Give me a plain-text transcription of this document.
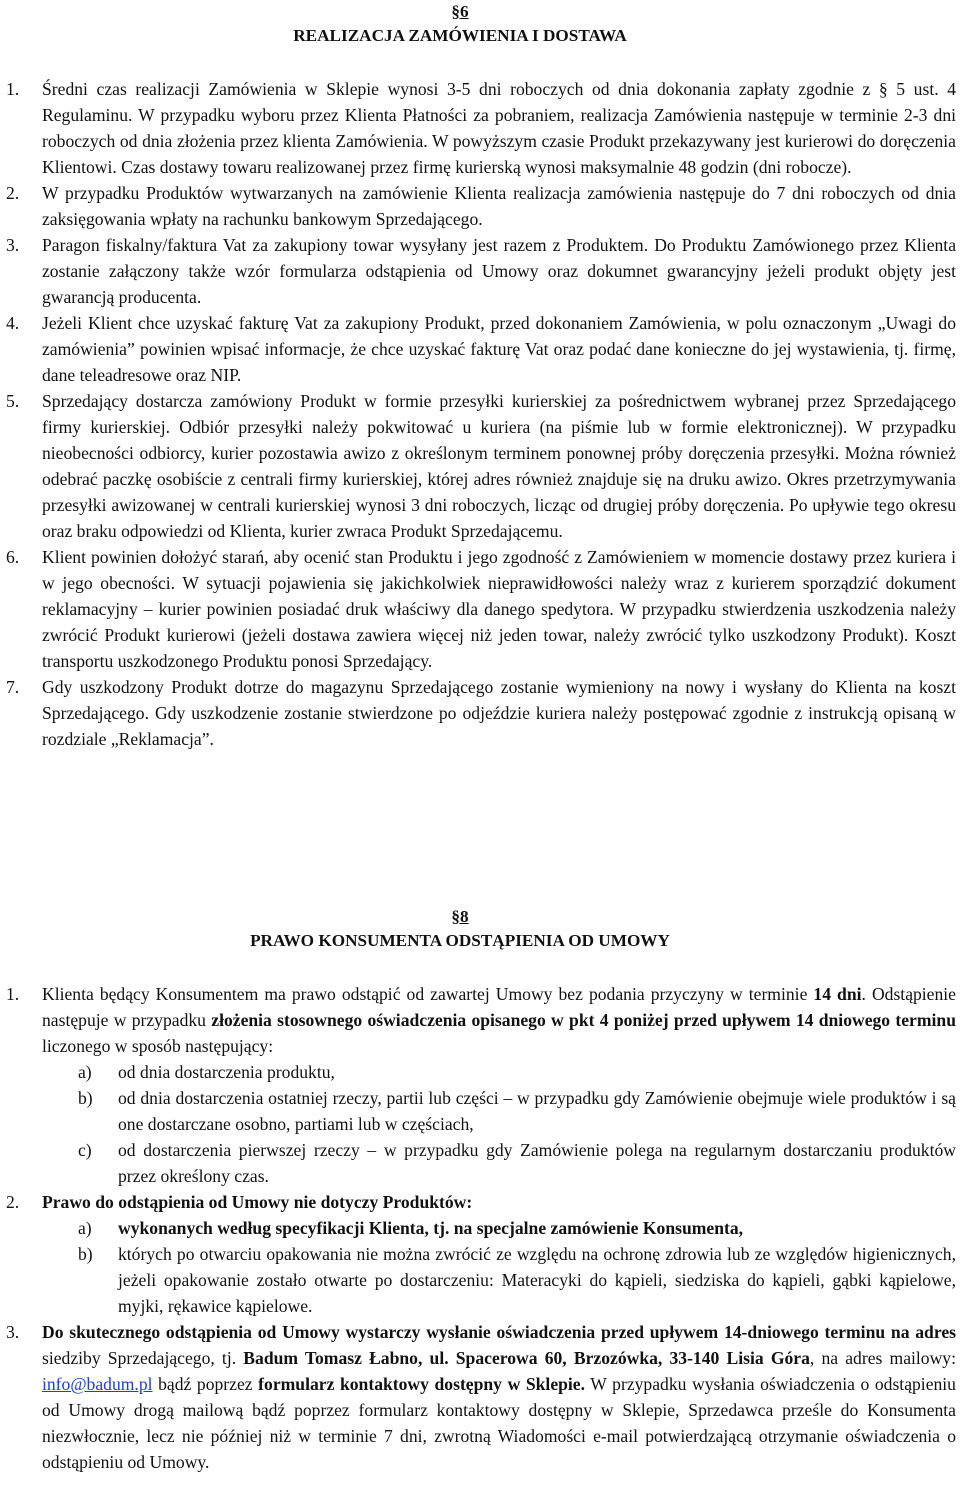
§6
REALIZACJA ZAMÓWIENIA I DOSTAWA
1. Średni czas realizacji Zamówienia w Sklepie wynosi 3-5 dni roboczych od dnia dokonania zapłaty zgodnie z § 5 ust. 4 Regulaminu. W przypadku wyboru przez Klienta Płatności za pobraniem, realizacja Zamówienia następuje w terminie 2-3 dni roboczych od dnia złożenia przez klienta Zamówienia. W powyższym czasie Produkt przekazywany jest kurierowi do doręczenia Klientowi. Czas dostawy towaru realizowanej przez firmę kurierską wynosi maksymalnie 48 godzin (dni robocze).

2. W przypadku Produktów wytwarzanych na zamówienie Klienta realizacja zamówienia następuje do 7 dni roboczych od dnia zaksięgowania wpłaty na rachunku bankowym Sprzedającego.

3. Paragon fiskalny/faktura Vat za zakupiony towar wysyłany jest razem z Produktem. Do Produktu Zamówionego przez Klienta zostanie załączony także wzór formularza odstąpienia od Umowy oraz dokumnet gwarancyjny jeżeli produkt objęty jest gwarancją producenta.

4. Jeżeli Klient chce uzyskać fakturę Vat za zakupiony Produkt, przed dokonaniem Zamówienia, w polu oznaczonym „Uwagi do zamówienia” powinien wpisać informacje, że chce uzyskać fakturę Vat oraz podać dane konieczne do jej wystawienia, tj. firmę, dane teleadresowe oraz NIP.

5. Sprzedający dostarcza zamówiony Produkt w formie przesyłki kurierskiej za pośrednictwem wybranej przez Sprzedającego firmy kurierskiej. Odbiór przesyłki należy pokwitować u kuriera (na piśmie lub w formie elektronicznej). W przypadku nieobecności odbiorcy, kurier pozostawia awizo z określonym terminem ponownej próby doręczenia przesyłki. Można również odebrać paczkę osobiście z centrali firmy kurierskiej, której adres również znajduje się na druku awizo. Okres przetrzymywania przesyłki awizowanej w centrali kurierskiej wynosi 3 dni roboczych, licząc od drugiej próby doręczenia. Po upływie tego okresu oraz braku odpowiedzi od Klienta, kurier zwraca Produkt Sprzedającemu.

6. Klient powinien dołożyć starań, aby ocenić stan Produktu i jego zgodność z Zamówieniem w momencie dostawy przez kuriera i w jego obecności. W sytuacji pojawienia się jakichkolwiek nieprawidłowości należy wraz z kurierem sporządzić dokument reklamacyjny – kurier powinien posiadać druk właściwy dla danego spedytora. W przypadku stwierdzenia uszkodzenia należy zwrócić Produkt kurierowi (jeżeli dostawa zawiera więcej niż jeden towar, należy zwrócić tylko uszkodzony Produkt). Koszt transportu uszkodzonego Produktu ponosi Sprzedający.

7. Gdy uszkodzony Produkt dotrze do magazynu Sprzedającego zostanie wymieniony na nowy i wysłany do Klienta na koszt Sprzedającego. Gdy uszkodzenie zostanie stwierdzone po odjeździe kuriera należy postępować zgodnie z instrukcją opisaną w rozdziale „Reklamacja”.

§8
PRAWO KONSUMENTA ODSTĄPIENIA OD UMOWY
1. Klienta będący Konsumentem ma prawo odstąpić od zawartej Umowy bez podania przyczyny w terminie 14 dni. Odstąpienie następuje w przypadku złożenia stosownego oświadczenia opisanego w pkt 4 poniżej przed upływem 14 dniowego terminu liczonego w sposób następujący:

a) od dnia dostarczenia produktu,

b) od dnia dostarczenia ostatniej rzeczy, partii lub części – w przypadku gdy Zamówienie obejmuje wiele produktów i są one dostarczane osobno, partiami lub w częściach,

c) od dostarczenia pierwszej rzeczy – w przypadku gdy Zamówienie polega na regularnym dostarczaniu produktów przez określony czas.

2. Prawo do odstąpienia od Umowy nie dotyczy Produktów:

a) wykonanych według specyfikacji Klienta, tj. na specjalne zamówienie Konsumenta,

b) których po otwarciu opakowania nie można zwrócić ze względu na ochronę zdrowia lub ze względów higienicznych, jeżeli opakowanie zostało otwarte po dostarczeniu: Materacyki do kąpieli, siedziska do kąpieli, gąbki kąpielowe, myjki, rękawice kąpielowe.

3. Do skutecznego odstąpienia od Umowy wystarczy wysłanie oświadczenia przed upływem 14-dniowego terminu na adres siedziby Sprzedającego, tj. Badum Tomasz Łabno, ul. Spacerowa 60, Brzozówka, 33-140 Lisia Góra, na adres mailowy: info@badum.pl bądź poprzez formularz kontaktowy dostępny w Sklepie. W przypadku wysłania oświadczenia o odstąpieniu od Umowy drogą mailową bądź poprzez formularz kontaktowy dostępny w Sklepie, Sprzedawca prześle do Konsumenta niezwłocznie, lecz nie później niż w terminie 7 dni, zwrotną Wiadomości e-mail potwierdzającą otrzymanie oświadczenia o odstąpieniu od Umowy.
